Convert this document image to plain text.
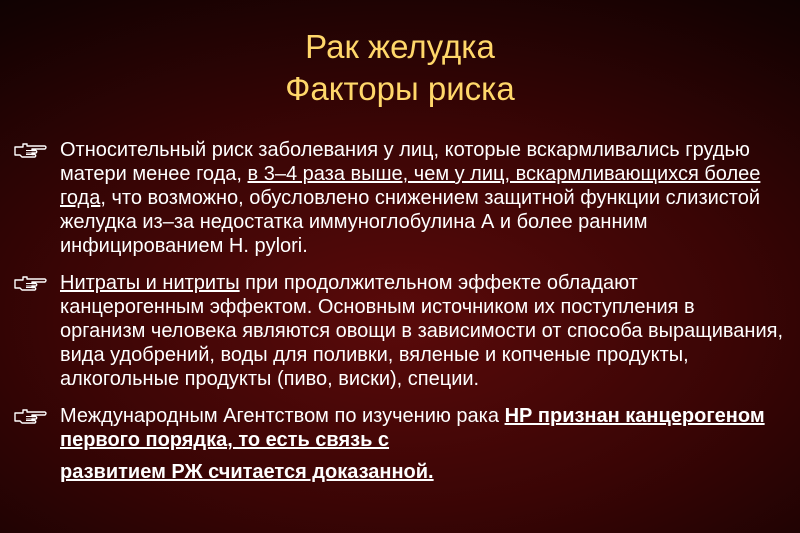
Рак желудка
Факторы риска
Относительный риск заболевания у лиц, которые вскармливались грудью матери менее года, в 3–4 раза выше, чем у лиц, вскармливающихся более года, что возможно, обусловлено снижением защитной функции слизистой желудка из–за недостатка иммуноглобулина А и более ранним инфицированием H. pylori.
Нитраты и нитриты при продолжительном эффекте обладают канцерогенным эффектом. Основным источником их поступления в организм человека являются овощи в зависимости от способа выращивания, вида удобрений, воды для поливки, вяленые и копченые продукты, алкогольные продукты (пиво, виски), специи.
Международным Агентством по изучению рака НР признан канцерогеном первого порядка, то есть связь с
развитием РЖ считается доказанной.
